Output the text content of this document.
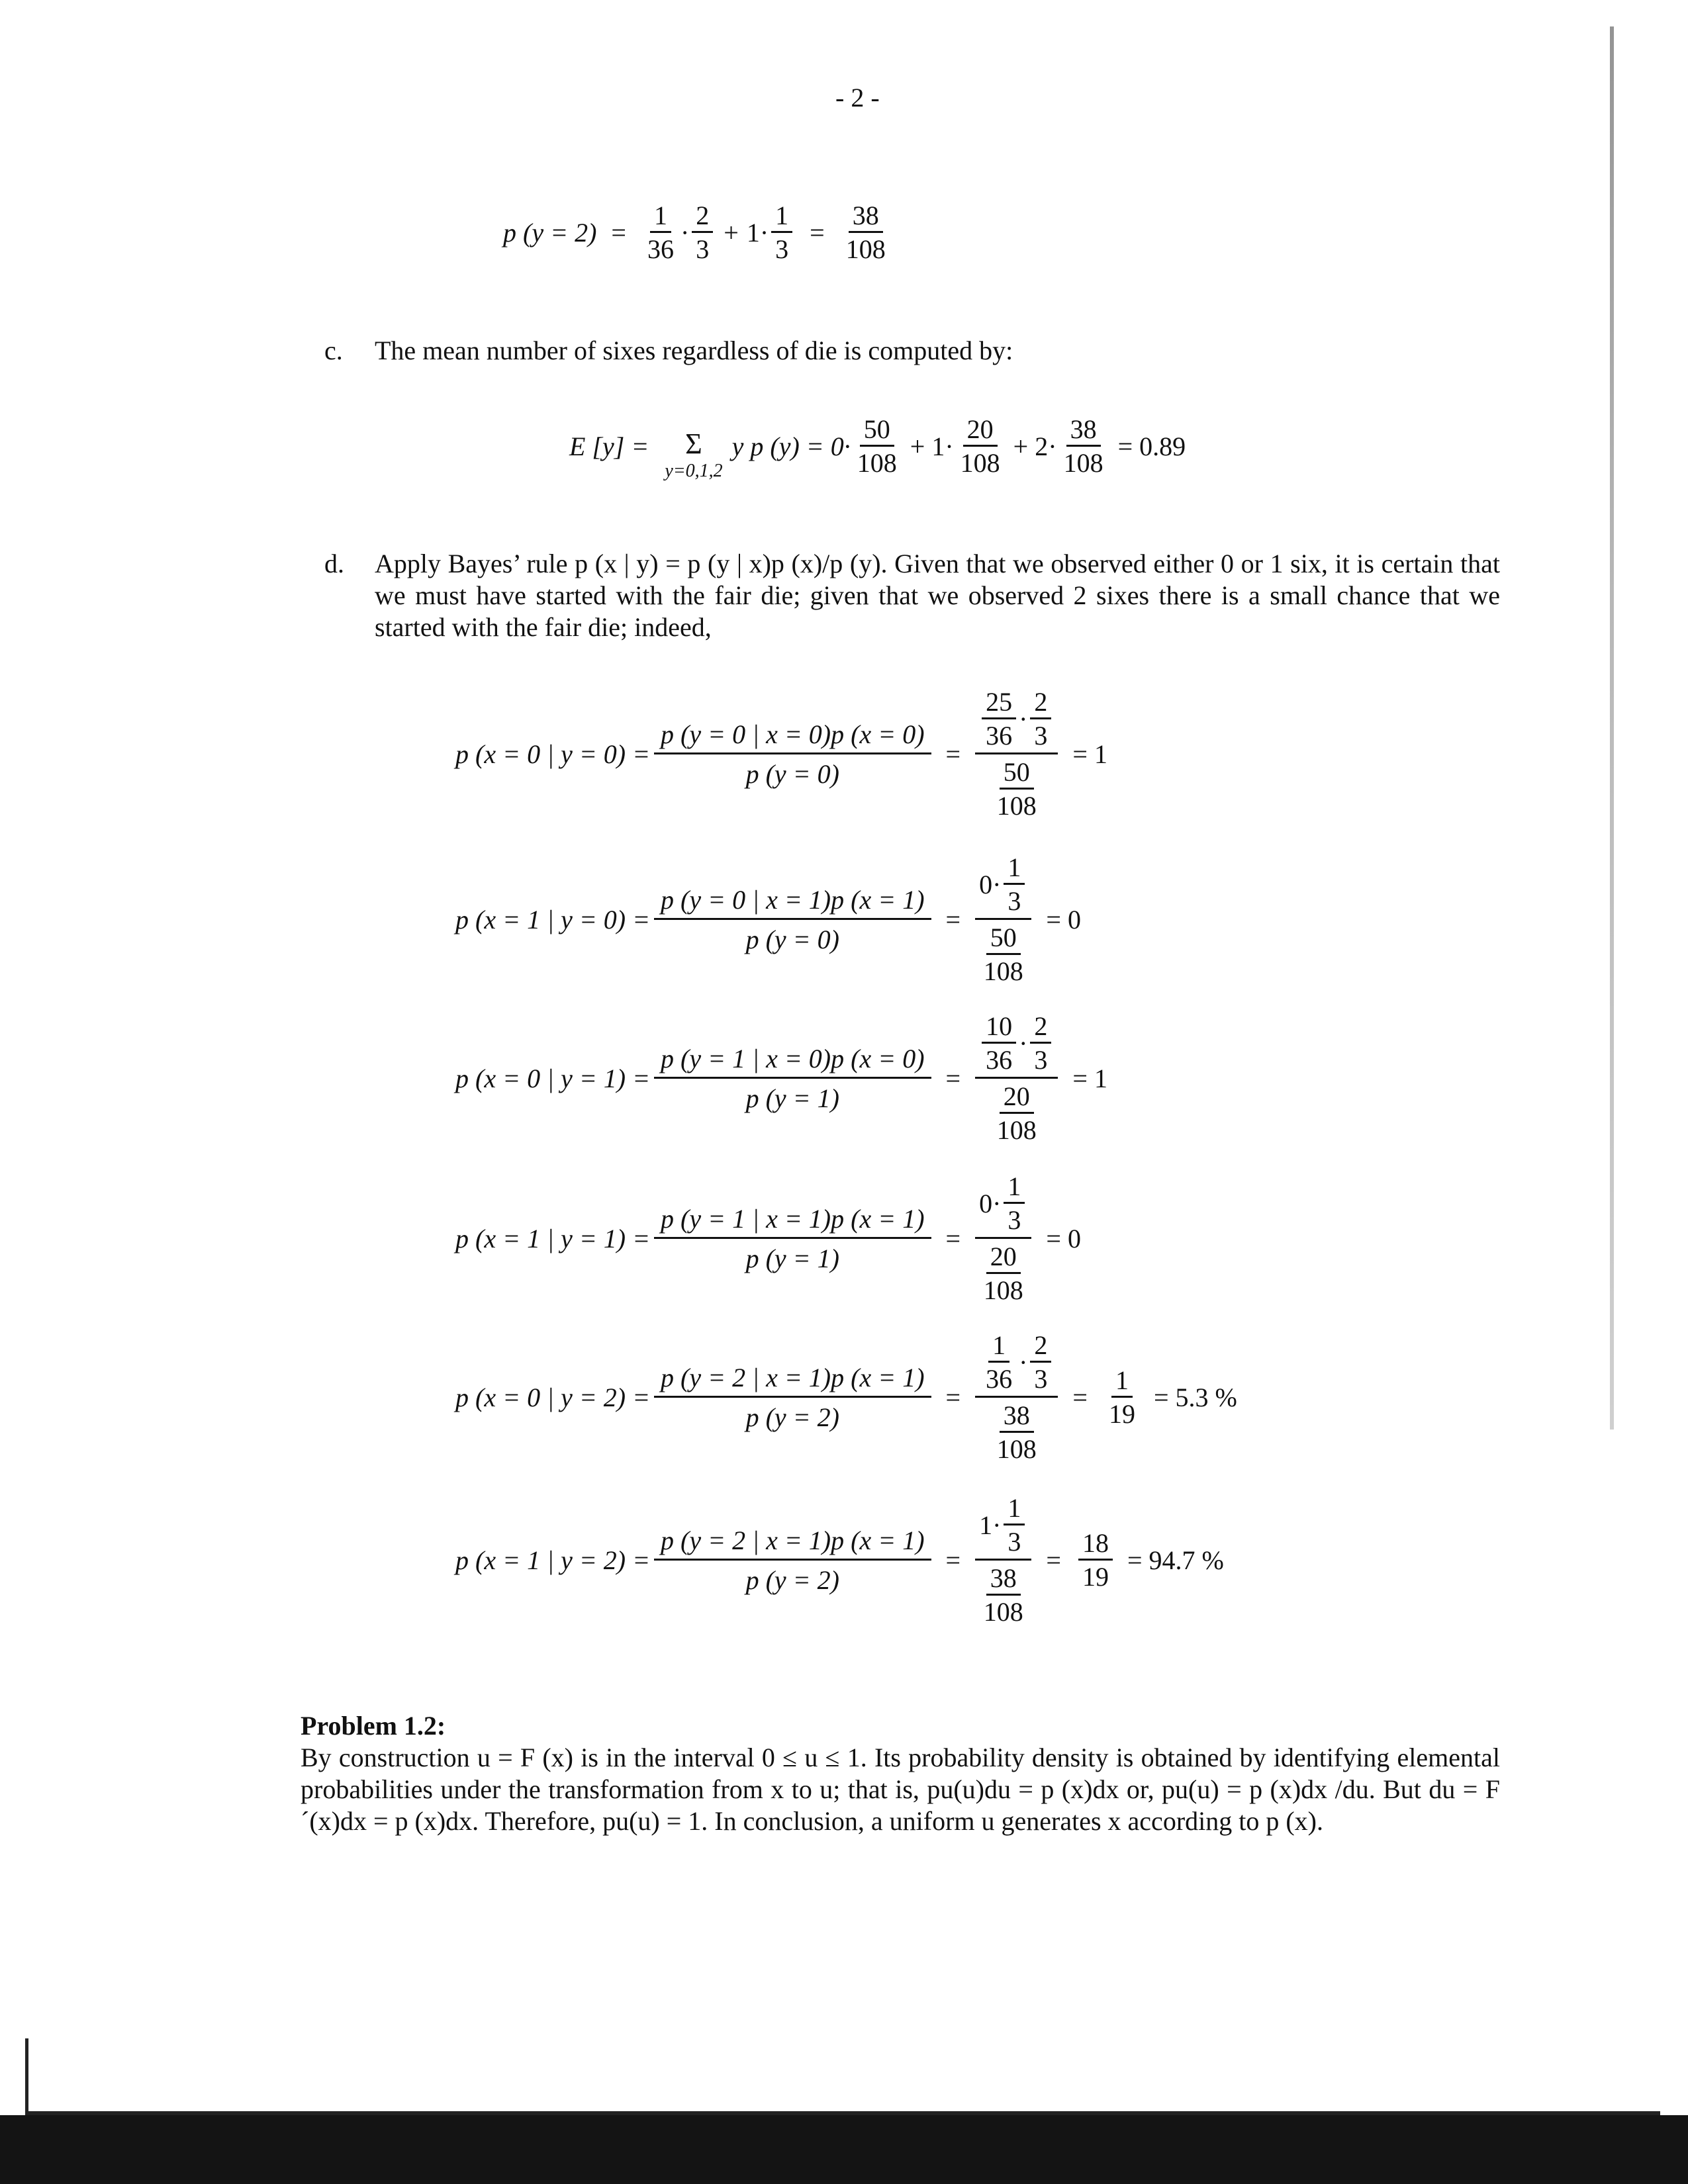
- 2 -
p $(y = 2) = \frac{1}{36} \cdot \frac{2}{3} + 1\cdot \frac{1}{3} = \frac{38}{108}$
c. The mean number of sixes regardless of die is computed by:
E [y] = Σ
y=0,1,2
y p $(y) = 0\cdot \frac{50}{108} + 1\cdot \frac{20}{108} + 2\cdot \frac{38}{108} = 0.89$
d. Apply Bayes’ rule p (x | y) = p (y | x)p (x)/p (y). Given that we observed either 0 or 1 six, it is certain that we must have started with the fair die; given that we observed 2 sixes there is a small chance that we started with the fair die; indeed,
p (x = 0 | $y = 0) = \frac{p (y = 0 | x = 0)p (x = 0)}{p (y = 0)} = \frac{\frac{25}{36} \cdot \frac{2}{3}}{\frac{50}{108}} = 1$
p (x = 1 | $y = 0) = \frac{p (y = 0 | x = 1)p (x = 1)}{p (y = 0)} = \frac{0\cdot \frac{1}{3}}{\frac{50}{108}} = 0$
p (x = 0 | $y = 1) = \frac{p (y = 1 | x = 0)p (x = 0)}{p (y = 1)} = \frac{\frac{10}{36} \cdot \frac{2}{3}}{\frac{20}{108}} = 1$
p (x = 1 | $y = 1) = \frac{p (y = 1 | x = 1)p (x = 1)}{p (y = 1)} = \frac{0\cdot \frac{1}{3}}{\frac{20}{108}} = 0$
p (x = 0 | $y = 2) = \frac{p (y = 2 | x = 1)p (x = 1)}{p (y = 2)} = \frac{\frac{1}{36} \cdot \frac{2}{3}}{\frac{38}{108}} = \frac{1}{19} = 5.3$ %
p (x = 1 | $y = 2) = \frac{p (y = 2 | x = 1)p (x = 1)}{p (y = 2)} = \frac{1\cdot \frac{1}{3}}{\frac{38}{108}} = \frac{18}{19} = 94.7$ %
Problem 1.2:
By construction u = F (x) is in the interval 0 ≤ u ≤ 1. Its probability density is obtained by identifying elemental probabilities under the transformation from x to u; that is, pu(u)du = p (x)dx or, pu(u) = p (x)dx /du. But du = F´(x)dx = p (x)dx. Therefore, pu(u) = 1. In conclusion, a uniform u generates x according to p (x).
